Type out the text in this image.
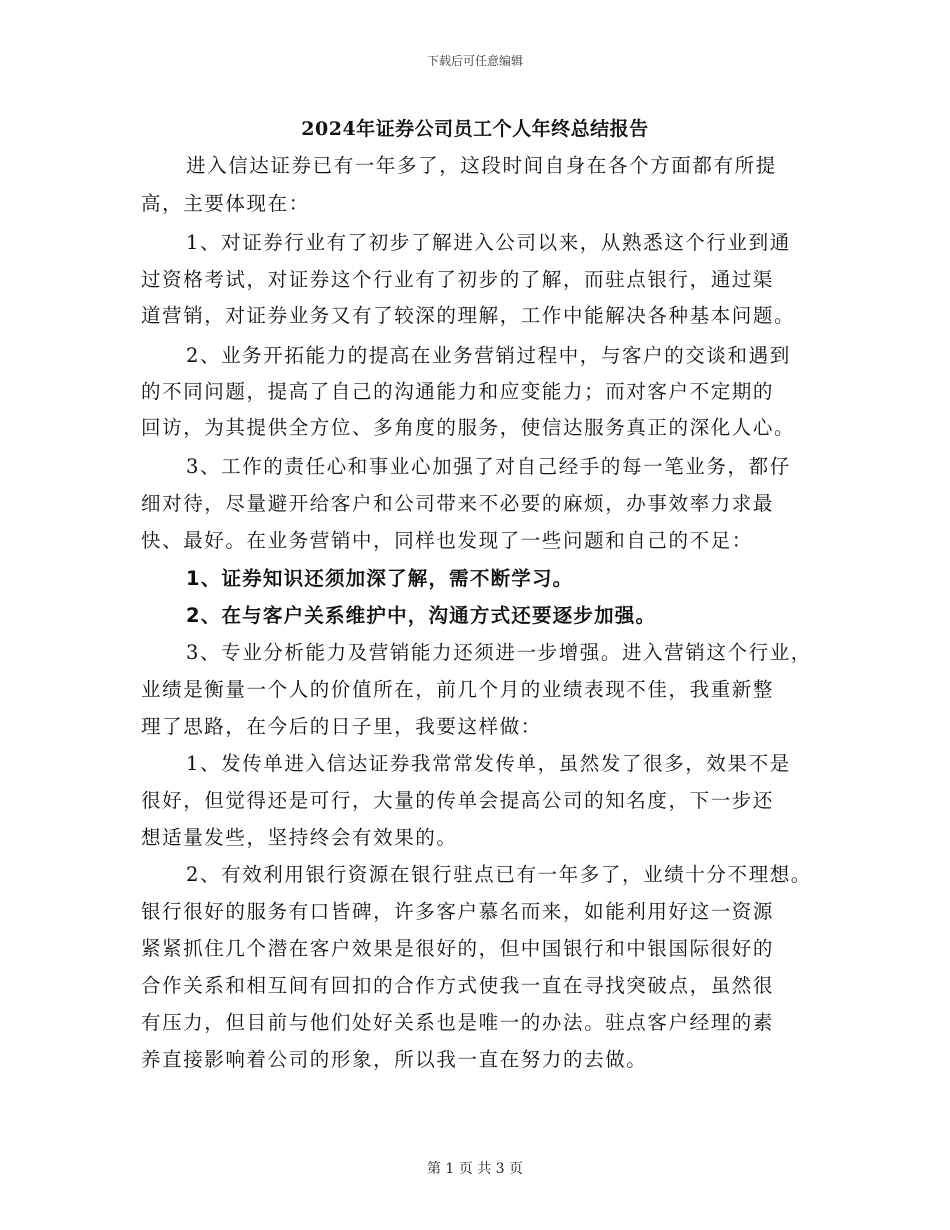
下载后可任意编辑
2024年证券公司员工个人年终总结报告
进入信达证券已有一年多了，这段时间自身在各个方面都有所提
高，主要体现在：
1、对证券行业有了初步了解进入公司以来，从熟悉这个行业到通
过资格考试，对证券这个行业有了初步的了解，而驻点银行，通过渠
道营销，对证券业务又有了较深的理解，工作中能解决各种基本问题。
2、业务开拓能力的提高在业务营销过程中，与客户的交谈和遇到
的不同问题，提高了自己的沟通能力和应变能力；而对客户不定期的
回访，为其提供全方位、多角度的服务，使信达服务真正的深化人心。
3、工作的责任心和事业心加强了对自己经手的每一笔业务，都仔
细对待，尽量避开给客户和公司带来不必要的麻烦，办事效率力求最
快、最好。在业务营销中，同样也发现了一些问题和自己的不足：
1、证券知识还须加深了解，需不断学习。
2、在与客户关系维护中，沟通方式还要逐步加强。
3、专业分析能力及营销能力还须进一步增强。进入营销这个行业，
业绩是衡量一个人的价值所在，前几个月的业绩表现不佳，我重新整
理了思路，在今后的日子里，我要这样做：
1、发传单进入信达证券我常常发传单，虽然发了很多，效果不是
很好，但觉得还是可行，大量的传单会提高公司的知名度，下一步还
想适量发些，坚持终会有效果的。
2、有效利用银行资源在银行驻点已有一年多了，业绩十分不理想。
银行很好的服务有口皆碑，许多客户慕名而来，如能利用好这一资源
紧紧抓住几个潜在客户效果是很好的，但中国银行和中银国际很好的
合作关系和相互间有回扣的合作方式使我一直在寻找突破点，虽然很
有压力，但目前与他们处好关系也是唯一的办法。驻点客户经理的素
养直接影响着公司的形象，所以我一直在努力的去做。
第 1 页 共 3 页
